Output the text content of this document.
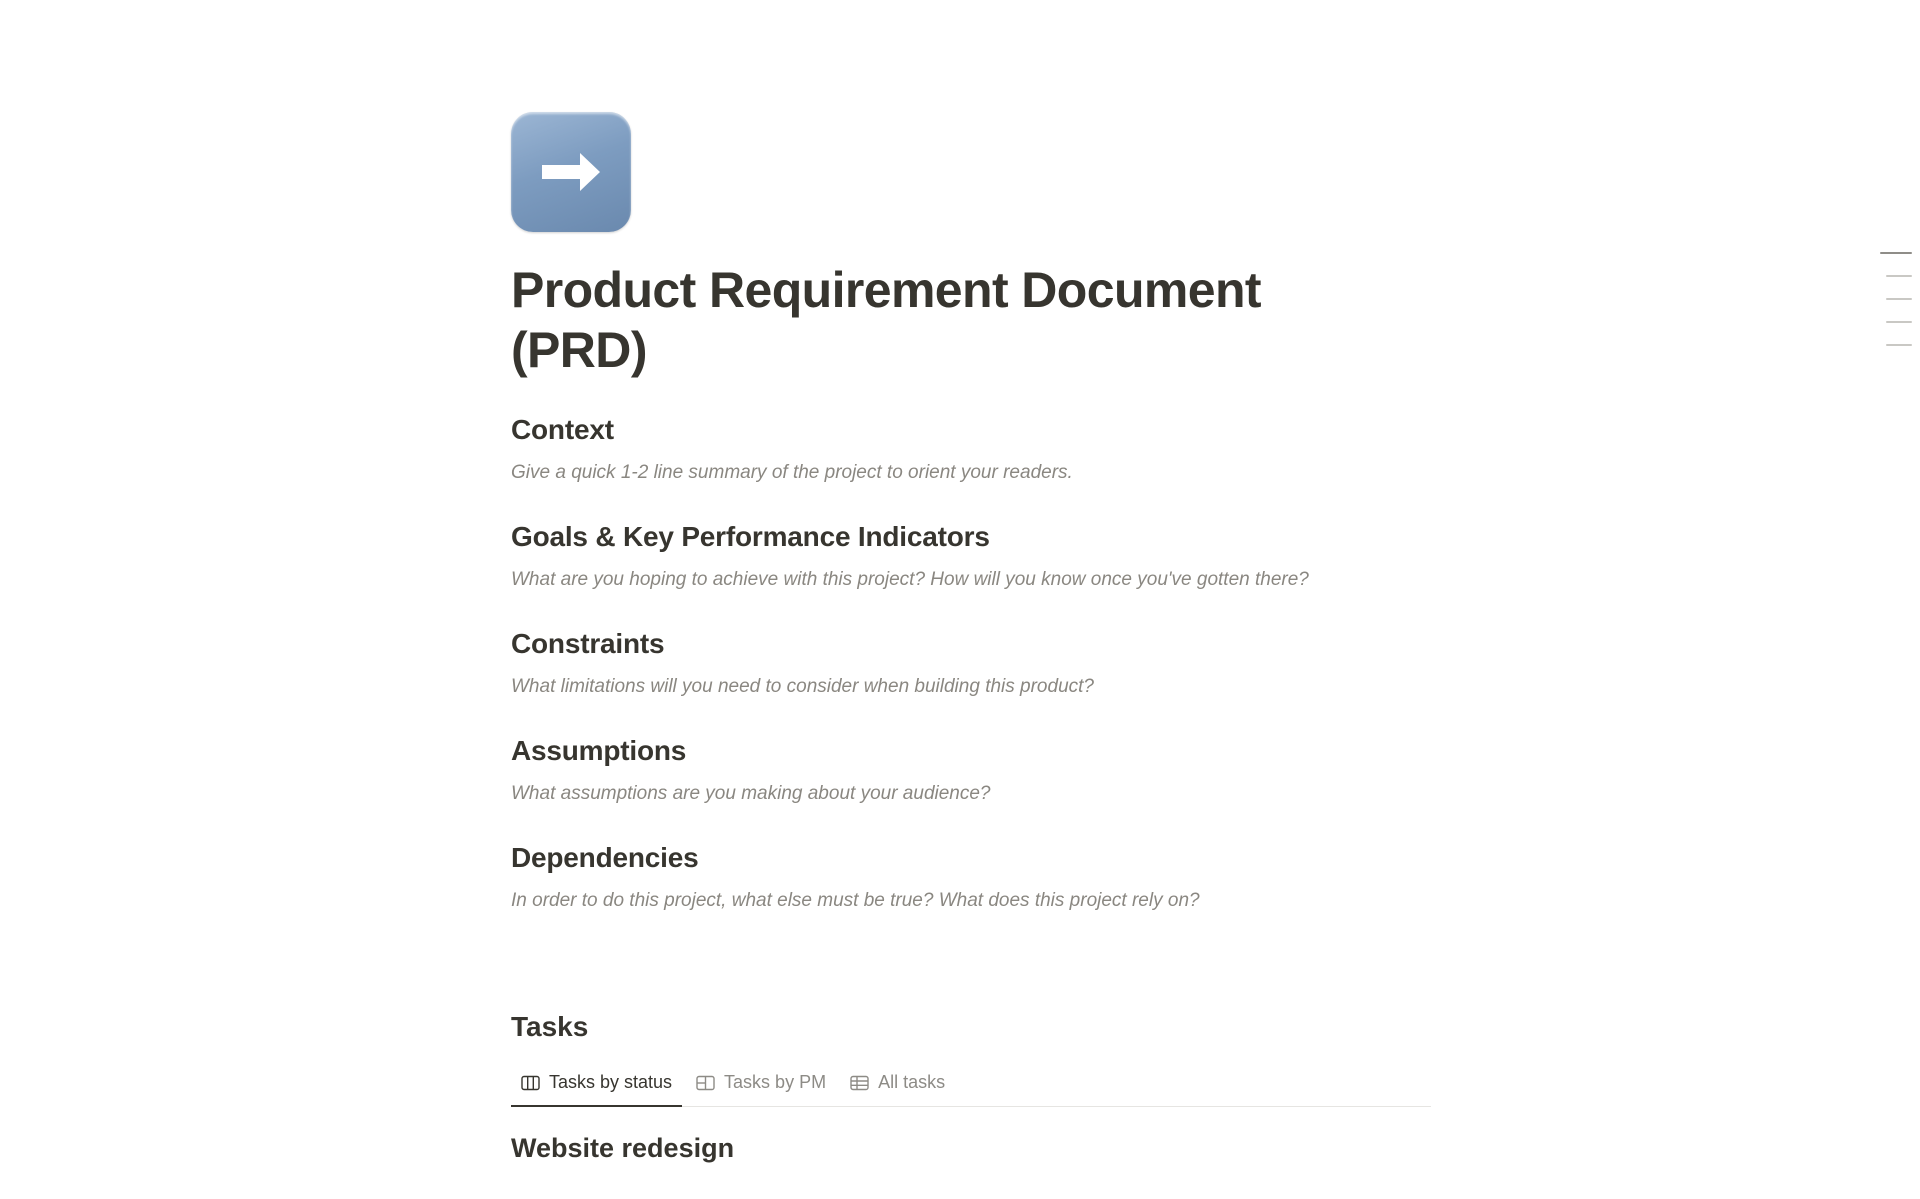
Product Requirement Document (PRD)
Context

Give a quick 1-2 line summary of the project to orient your readers.

Goals & Key Performance Indicators

What are you hoping to achieve with this project? How will you know once you've gotten there?

Constraints

What limitations will you need to consider when building this product?

Assumptions

What assumptions are you making about your audience?

Dependencies

In order to do this project, what else must be true? What does this project rely on?

Tasks
Tasks by status	Tasks by PM	All tasks
Website redesign
